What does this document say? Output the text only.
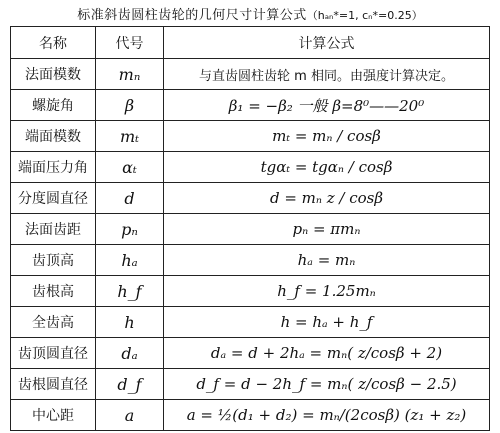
标准斜齿圆柱齿轮的几何尺寸计算公式（hₐₙ*=1, cₙ*=0.25）
名称	代号	计算公式
法面模数	mₙ	与直齿圆柱齿轮 m 相同。由强度计算决定。
螺旋角	β	β₁ = −β₂ 一般 β=8⁰——20⁰
端面模数	mₜ	mₜ = mₙ / cosβ
端面压力角	αₜ	tgαₜ = tgαₙ / cosβ
分度圆直径	d	d = mₙ z / cosβ
法面齿距	pₙ	pₙ = πmₙ
齿顶高	hₐ	hₐ = mₙ
齿根高	h_f	h_f = 1.25mₙ
全齿高	h	h = hₐ + h_f
齿顶圆直径	dₐ	dₐ = d + 2hₐ = mₙ( z/cosβ + 2)
齿根圆直径	d_f	d_f = d − 2h_f = mₙ( z/cosβ − 2.5)
中心距	a	a = ½(d₁ + d₂) = mₙ/(2cosβ) (z₁ + z₂)
